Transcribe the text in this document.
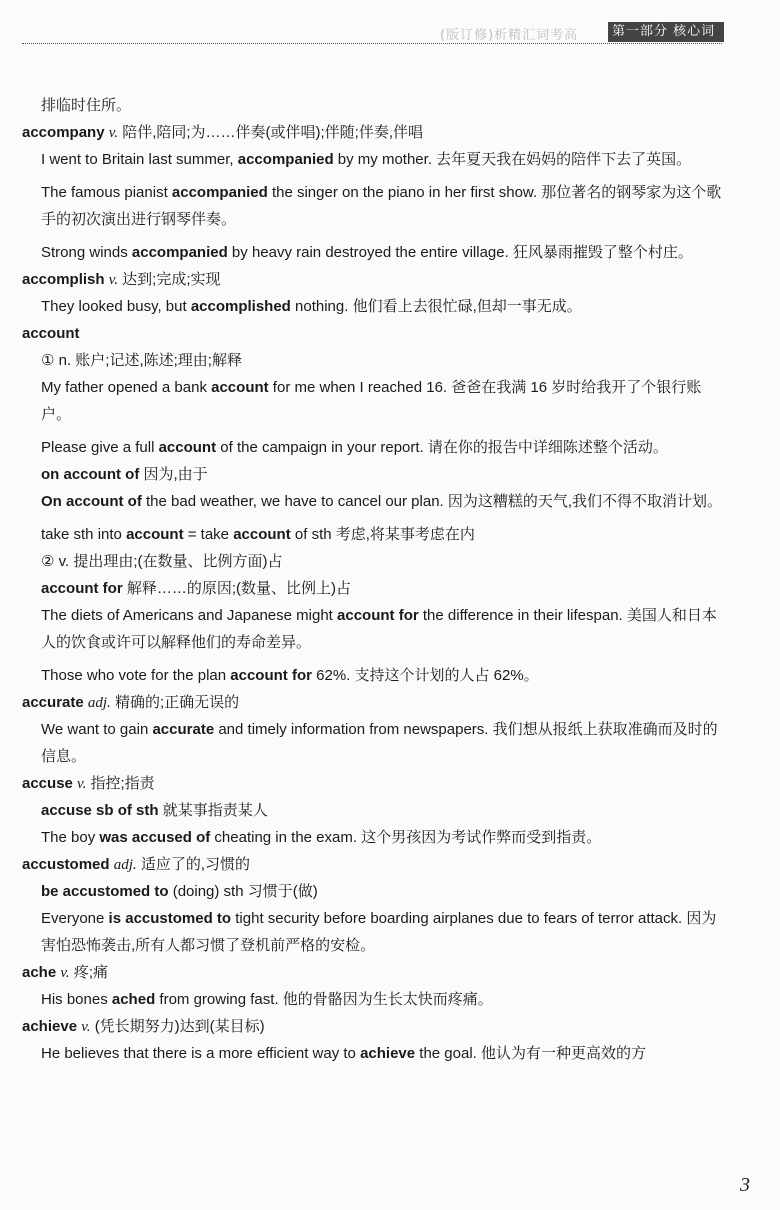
(版订修)析精汇词考高	第一部分 核心词
排临时住所。
accompany v. 陪伴,陪同;为……伴奏(或伴唱);伴随;伴奏,伴唱
I went to Britain last summer, accompanied by my mother. 去年夏天我在妈妈的陪伴下去了英国。
The famous pianist accompanied the singer on the piano in her first show. 那位著名的钢琴家为这个歌手的初次演出进行钢琴伴奏。
Strong winds accompanied by heavy rain destroyed the entire village. 狂风暴雨摧毁了整个村庄。
accomplish v. 达到;完成;实现
They looked busy, but accomplished nothing. 他们看上去很忙碌,但却一事无成。
account
① n. 账户;记述,陈述;理由;解释
My father opened a bank account for me when I reached 16. 爸爸在我满 16 岁时给我开了个银行账户。
Please give a full account of the campaign in your report. 请在你的报告中详细陈述整个活动。
on account of 因为,由于
On account of the bad weather, we have to cancel our plan. 因为这糟糕的天气,我们不得不取消计划。
take sth into account = take account of sth 考虑,将某事考虑在内
② v. 提出理由;(在数量、比例方面)占
account for 解释……的原因;(数量、比例上)占
The diets of Americans and Japanese might account for the difference in their lifespan. 美国人和日本人的饮食或许可以解释他们的寿命差异。
Those who vote for the plan account for 62%. 支持这个计划的人占 62%。
accurate adj. 精确的;正确无误的
We want to gain accurate and timely information from newspapers. 我们想从报纸上获取准确而及时的信息。
accuse v. 指控;指责
accuse sb of sth 就某事指责某人
The boy was accused of cheating in the exam. 这个男孩因为考试作弊而受到指责。
accustomed adj. 适应了的,习惯的
be accustomed to (doing) sth 习惯于(做)
Everyone is accustomed to tight security before boarding airplanes due to fears of terror attack. 因为害怕恐怖袭击,所有人都习惯了登机前严格的安检。
ache v. 疼;痛
His bones ached from growing fast. 他的骨骼因为生长太快而疼痛。
achieve v. (凭长期努力)达到(某目标)
He believes that there is a more efficient way to achieve the goal. 他认为有一种更高效的方
3
